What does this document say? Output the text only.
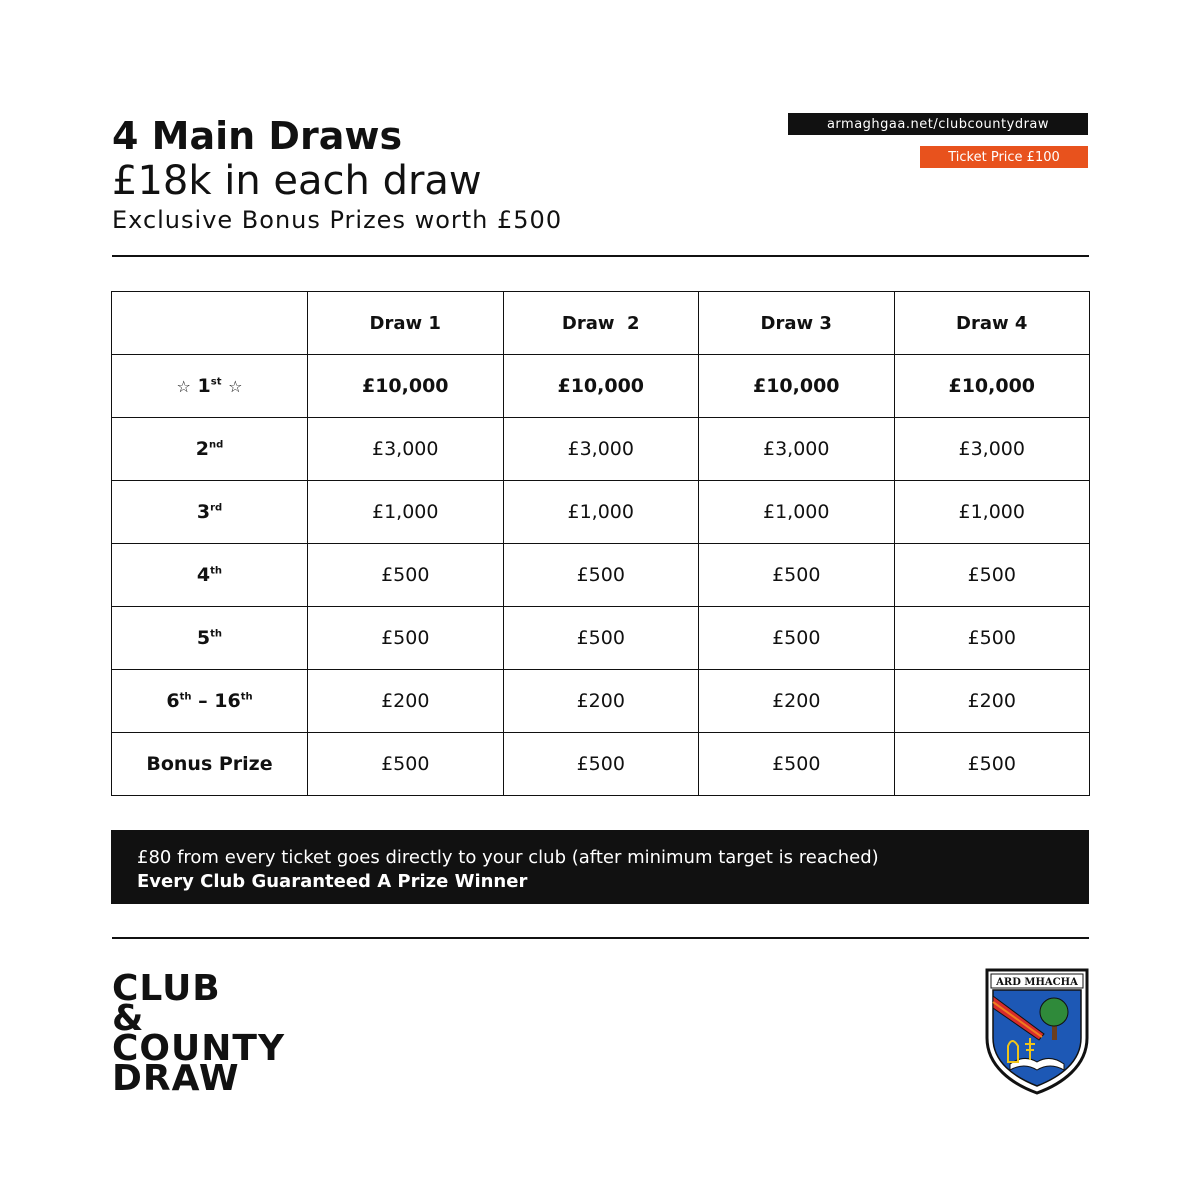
4 Main Draws
£18k in each draw
Exclusive Bonus Prizes worth £500
armaghgaa.net/clubcountydraw
Ticket Price £100
	Draw 1	Draw  2	Draw 3	Draw 4
☆ 1st ☆	£10,000	£10,000	£10,000	£10,000
2nd	£3,000	£3,000	£3,000	£3,000
3rd	£1,000	£1,000	£1,000	£1,000
4th	£500	£500	£500	£500
5th	£500	£500	£500	£500
6th – 16th	£200	£200	£200	£200
Bonus Prize	£500	£500	£500	£500
£80 from every ticket goes directly to your club (after minimum target is reached)
Every Club Guaranteed A Prize Winner
CLUB
&
COUNTY
DRAW
ARD MHACHA
